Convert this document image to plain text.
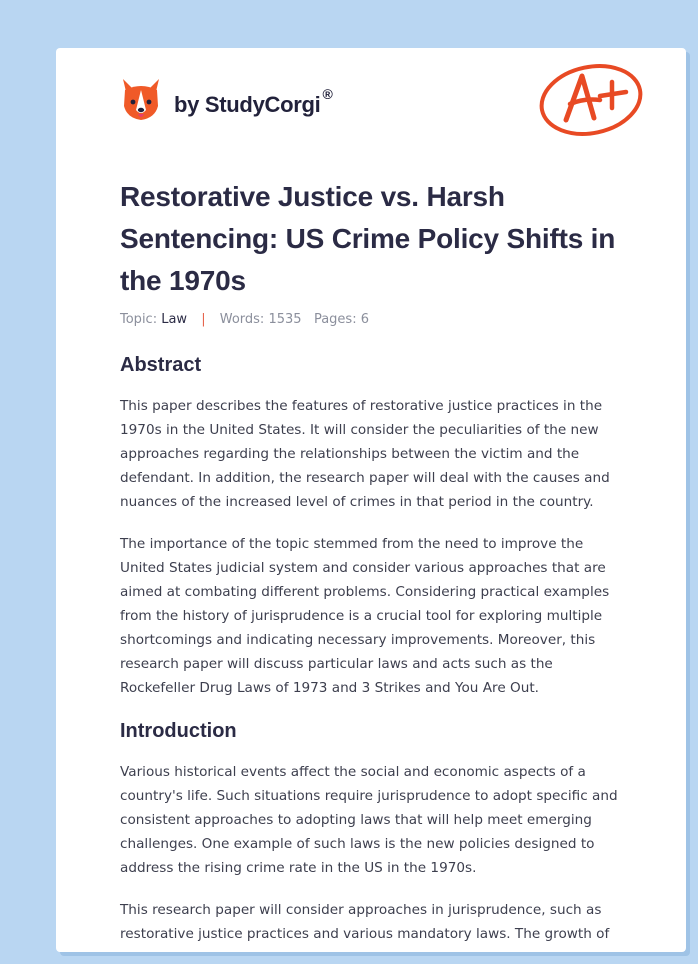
by StudyCorgi ®
Restorative Justice vs. Harsh Sentencing: US Crime Policy Shifts in the 1970s
Topic: Law | Words: 1535 Pages: 6
Abstract

This paper describes the features of restorative justice practices in the 1970s in the United States. It will consider the peculiarities of the new approaches regarding the relationships between the victim and the defendant. In addition, the research paper will deal with the causes and nuances of the increased level of crimes in that period in the country.

The importance of the topic stemmed from the need to improve the United States judicial system and consider various approaches that are aimed at combating different problems. Considering practical examples from the history of jurisprudence is a crucial tool for exploring multiple shortcomings and indicating necessary improvements. Moreover, this research paper will discuss particular laws and acts such as the Rockefeller Drug Laws of 1973 and 3 Strikes and You Are Out.

Introduction

Various historical events affect the social and economic aspects of a country's life. Such situations require jurisprudence to adopt specific and consistent approaches to adopting laws that will help meet emerging challenges. One example of such laws is the new policies designed to address the rising crime rate in the US in the 1970s.

This research paper will consider approaches in jurisprudence, such as restorative justice practices and various mandatory laws. The growth of
